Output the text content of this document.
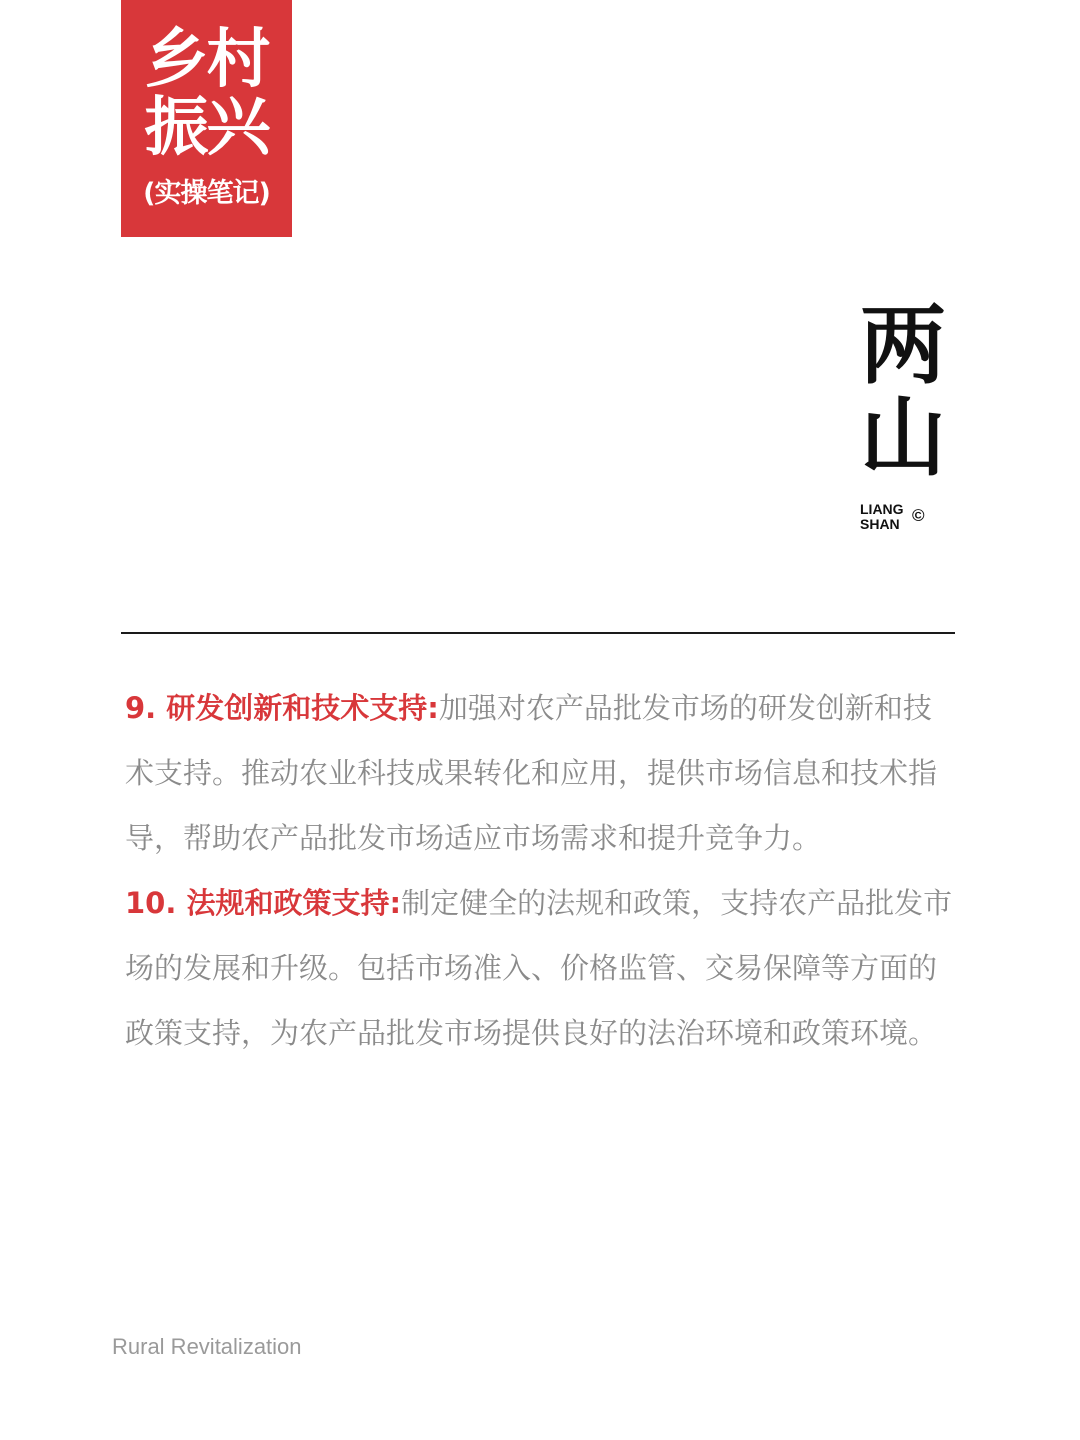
乡村
振兴
(实操笔记)
两
山
LIANG
SHAN ©

9. 研发创新和技术支持:加强对农产品批发市场的研发创新和技术支持。推动农业科技成果转化和应用，提供市场信息和技术指导，帮助农产品批发市场适应市场需求和提升竞争力。

10. 法规和政策支持:制定健全的法规和政策，支持农产品批发市场的发展和升级。包括市场准入、价格监管、交易保障等方面的政策支持，为农产品批发市场提供良好的法治环境和政策环境。

Rural Revitalization
